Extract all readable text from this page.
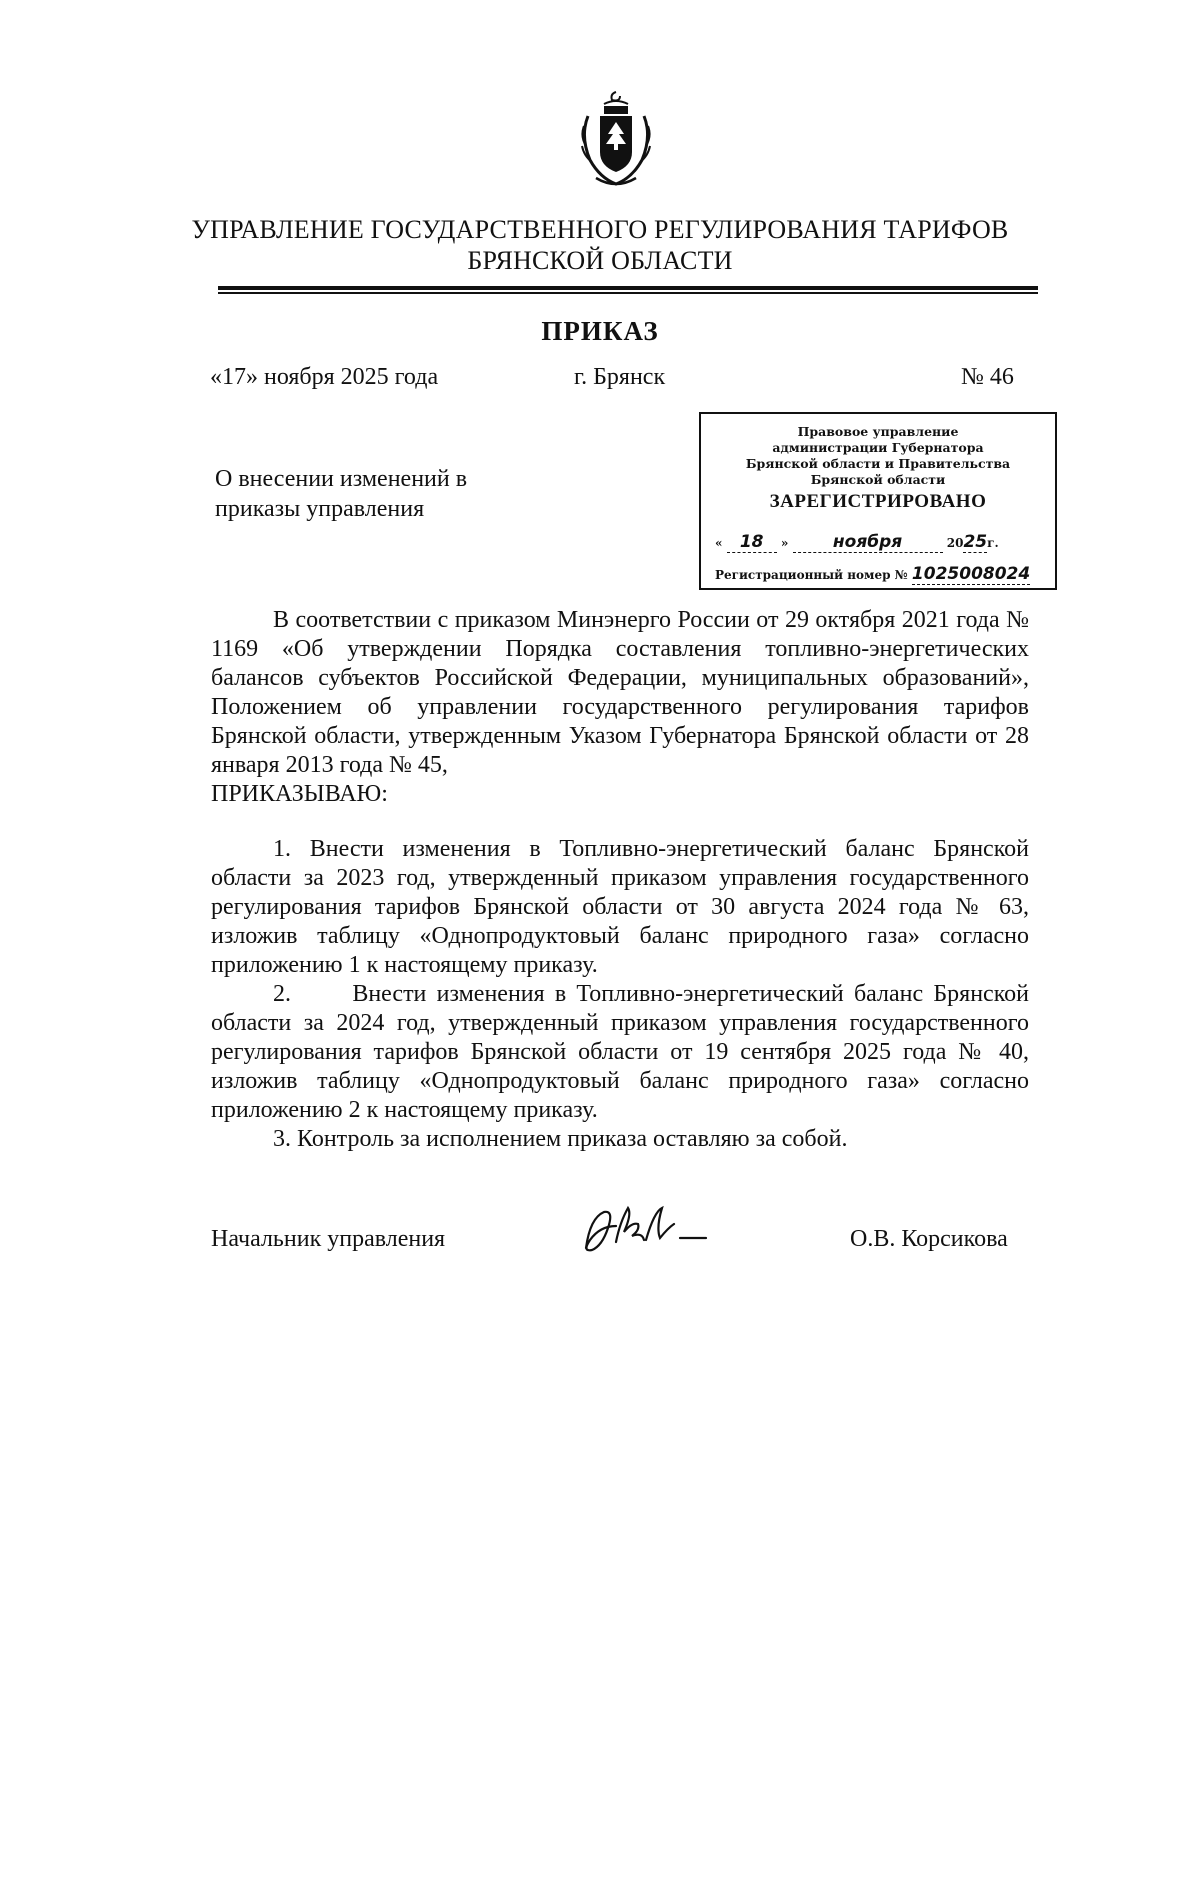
УПРАВЛЕНИЕ ГОСУДАРСТВЕННОГО РЕГУЛИРОВАНИЯ ТАРИФОВ
БРЯНСКОЙ ОБЛАСТИ
ПРИКАЗ
«17» ноября 2025 года	г. Брянск	№ 46
Правовое управление
администрации Губернатора
Брянской области и Правительства
Брянской области
ЗАРЕГИСТРИРОВАНО
« 18 »	ноября	2025г.
Регистрационный номер № 1025008024
О внесении изменений в
приказы управления

В соответствии с приказом Минэнерго России от 29 октября 2021 года № 1169 «Об утверждении Порядка составления топливно-энергетических балансов субъектов Российской Федерации, муниципальных образований», Положением об управлении государственного регулирования тарифов Брянской области, утвержденным Указом Губернатора Брянской области от 28 января 2013 года № 45,

ПРИКАЗЫВАЮ:

1. Внести изменения в Топливно-энергетический баланс Брянской области за 2023 год, утвержденный приказом управления государственного регулирования тарифов Брянской области от 30 августа 2024 года № 63, изложив таблицу «Однопродуктовый баланс природного газа» согласно приложению 1 к настоящему приказу.

2.	Внести изменения в Топливно-энергетический баланс Брянской области за 2024 год, утвержденный приказом управления государственного регулирования тарифов Брянской области от 19 сентября 2025 года № 40, изложив таблицу «Однопродуктовый баланс природного газа» согласно приложению 2 к настоящему приказу.

3. Контроль за исполнением приказа оставляю за собой.

Начальник управления	О.В. Корсикова
